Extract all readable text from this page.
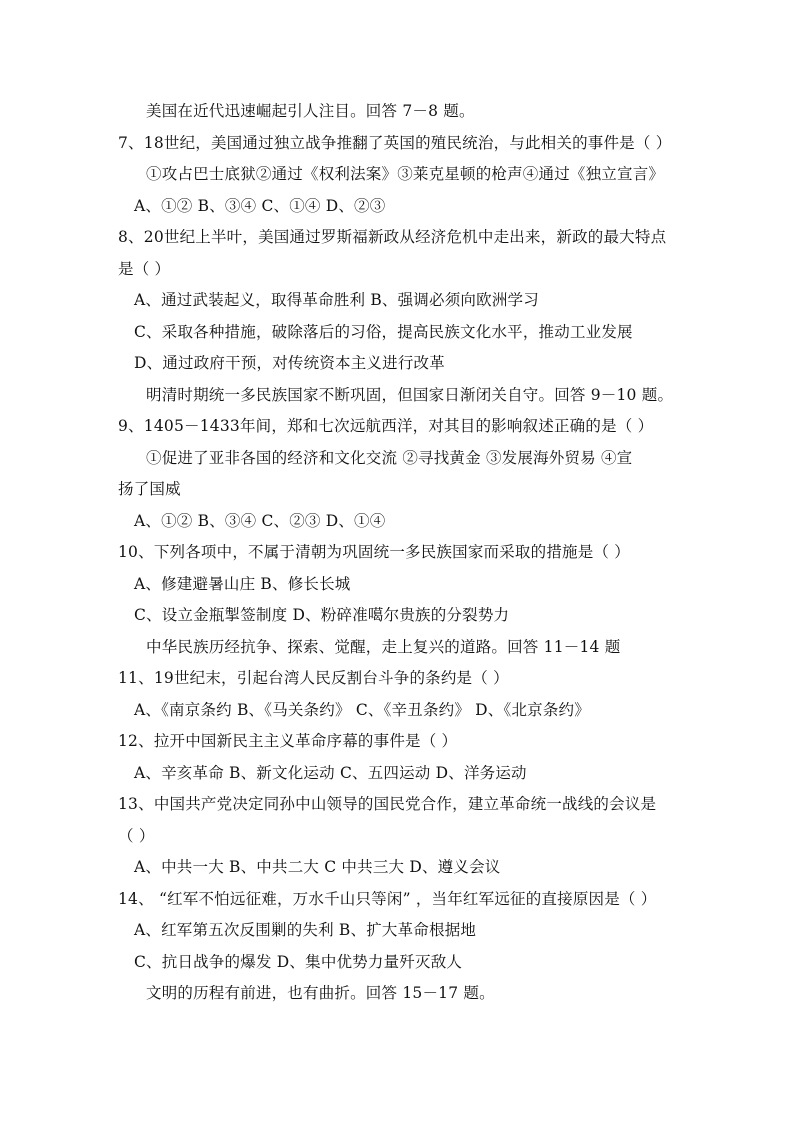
美国在近代迅速崛起引人注目。回答 7－8 题。
7、18世纪，美国通过独立战争推翻了英国的殖民统治，与此相关的事件是（ ）
①攻占巴士底狱②通过《权利法案》③莱克星顿的枪声④通过《独立宣言》
A、①② B、③④ C、①④ D、②③
8、20世纪上半叶，美国通过罗斯福新政从经济危机中走出来，新政的最大特点
是（ ）
A、通过武装起义，取得革命胜利 B、强调必须向欧洲学习
C、采取各种措施，破除落后的习俗，提高民族文化水平，推动工业发展
D、通过政府干预，对传统资本主义进行改革
明清时期统一多民族国家不断巩固，但国家日渐闭关自守。回答 9－10 题。
9、1405－1433年间，郑和七次远航西洋，对其目的影响叙述正确的是（ ）
①促进了亚非各国的经济和文化交流 ②寻找黄金 ③发展海外贸易 ④宣
扬了国威
A、①② B、③④ C、②③ D、①④
10、下列各项中，不属于清朝为巩固统一多民族国家而采取的措施是（ ）
A、修建避暑山庄 B、修长长城
C、设立金瓶掣签制度 D、粉碎准噶尔贵族的分裂势力
中华民族历经抗争、探索、觉醒，走上复兴的道路。回答 11－14 题
11、19世纪末，引起台湾人民反割台斗争的条约是（ ）
A、《南京条约 B、《马关条约》 C、《辛丑条约》 D、《北京条约》
12、拉开中国新民主主义革命序幕的事件是（ ）
A、辛亥革命 B、新文化运动 C、五四运动 D、洋务运动
13、中国共产党决定同孙中山领导的国民党合作，建立革命统一战线的会议是
（ ）
A、中共一大 B、中共二大 C 中共三大 D、遵义会议
14、 “红军不怕远征难，万水千山只等闲” ，当年红军远征的直接原因是（ ）
A、红军第五次反围剿的失利 B、扩大革命根据地
C、抗日战争的爆发 D、集中优势力量歼灭敌人
文明的历程有前进，也有曲折。回答 15－17 题。
